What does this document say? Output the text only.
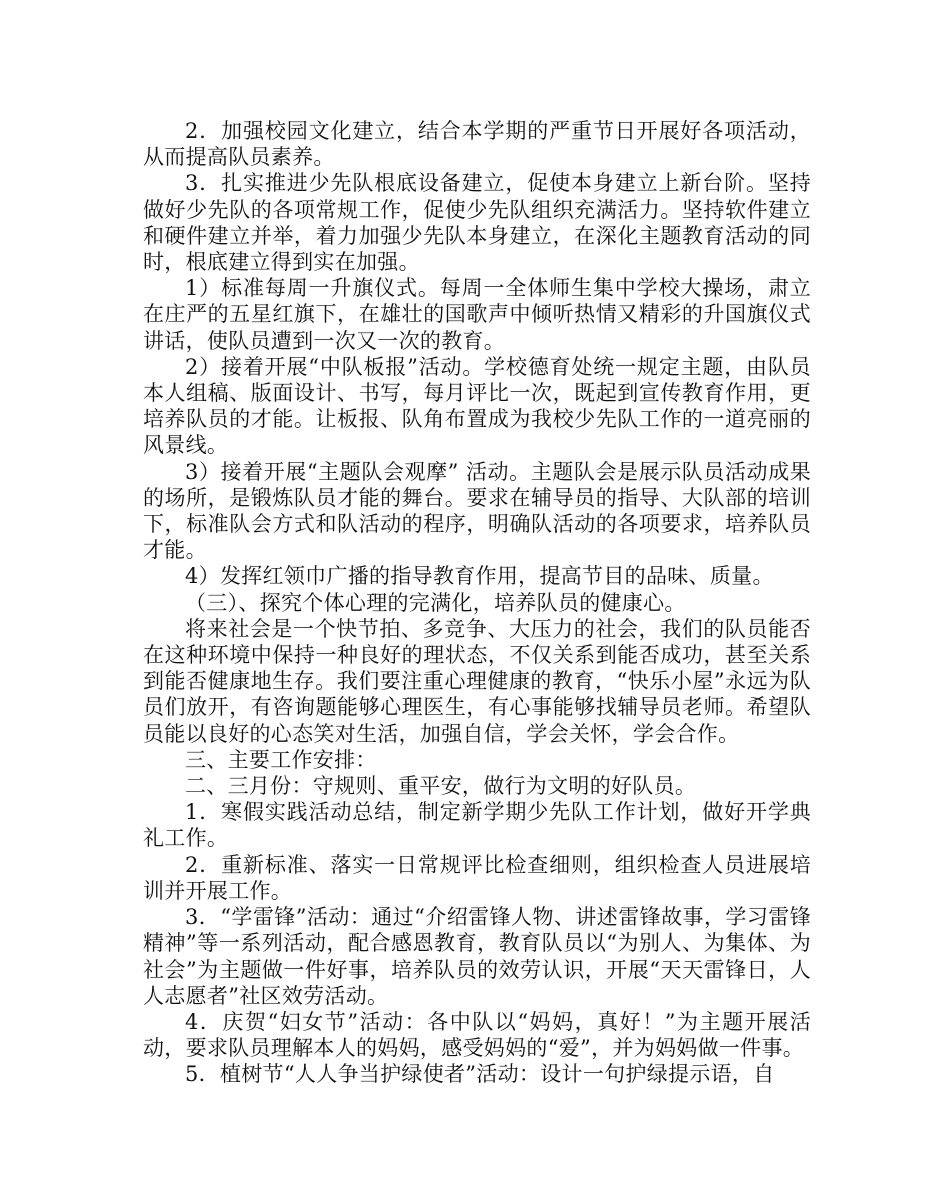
2．加强校园文化建立，结合本学期的严重节日开展好各项活动，从而提高队员素养。

3．扎实推进少先队根底设备建立，促使本身建立上新台阶。坚持做好少先队的各项常规工作，促使少先队组织充满活力。坚持软件建立和硬件建立并举，着力加强少先队本身建立，在深化主题教育活动的同时，根底建立得到实在加强。

1）标准每周一升旗仪式。每周一全体师生集中学校大操场，肃立在庄严的五星红旗下，在雄壮的国歌声中倾听热情又精彩的升国旗仪式讲话，使队员遭到一次又一次的教育。

2）接着开展“中队板报”活动。学校德育处统一规定主题，由队员本人组稿、版面设计、书写，每月评比一次，既起到宣传教育作用，更培养队员的才能。让板报、队角布置成为我校少先队工作的一道亮丽的风景线。

3）接着开展“主题队会观摩” 活动。主题队会是展示队员活动成果的场所，是锻炼队员才能的舞台。要求在辅导员的指导、大队部的培训下，标准队会方式和队活动的程序，明确队活动的各项要求，培养队员才能。

4）发挥红领巾广播的指导教育作用，提高节目的品味、质量。

（三）、探究个体心理的完满化，培养队员的健康心。

将来社会是一个快节拍、多竞争、大压力的社会，我们的队员能否在这种环境中保持一种良好的理状态，不仅关系到能否成功，甚至关系到能否健康地生存。我们要注重心理健康的教育，“快乐小屋”永远为队员们放开，有咨询题能够心理医生，有心事能够找辅导员老师。希望队员能以良好的心态笑对生活，加强自信，学会关怀，学会合作。

三、主要工作安排：

二、三月份：守规则、重平安，做行为文明的好队员。

1．寒假实践活动总结，制定新学期少先队工作计划，做好开学典礼工作。

2．重新标准、落实一日常规评比检查细则，组织检查人员进展培训并开展工作。

3．“学雷锋”活动：通过“介绍雷锋人物、讲述雷锋故事，学习雷锋精神”等一系列活动，配合感恩教育，教育队员以“为别人、为集体、为社会”为主题做一件好事，培养队员的效劳认识，开展“天天雷锋日，人人志愿者”社区效劳活动。

4．庆贺“妇女节”活动：各中队以“妈妈，真好！”为主题开展活动，要求队员理解本人的妈妈，感受妈妈的“爱”，并为妈妈做一件事。

5．植树节“人人争当护绿使者”活动：设计一句护绿提示语，自
